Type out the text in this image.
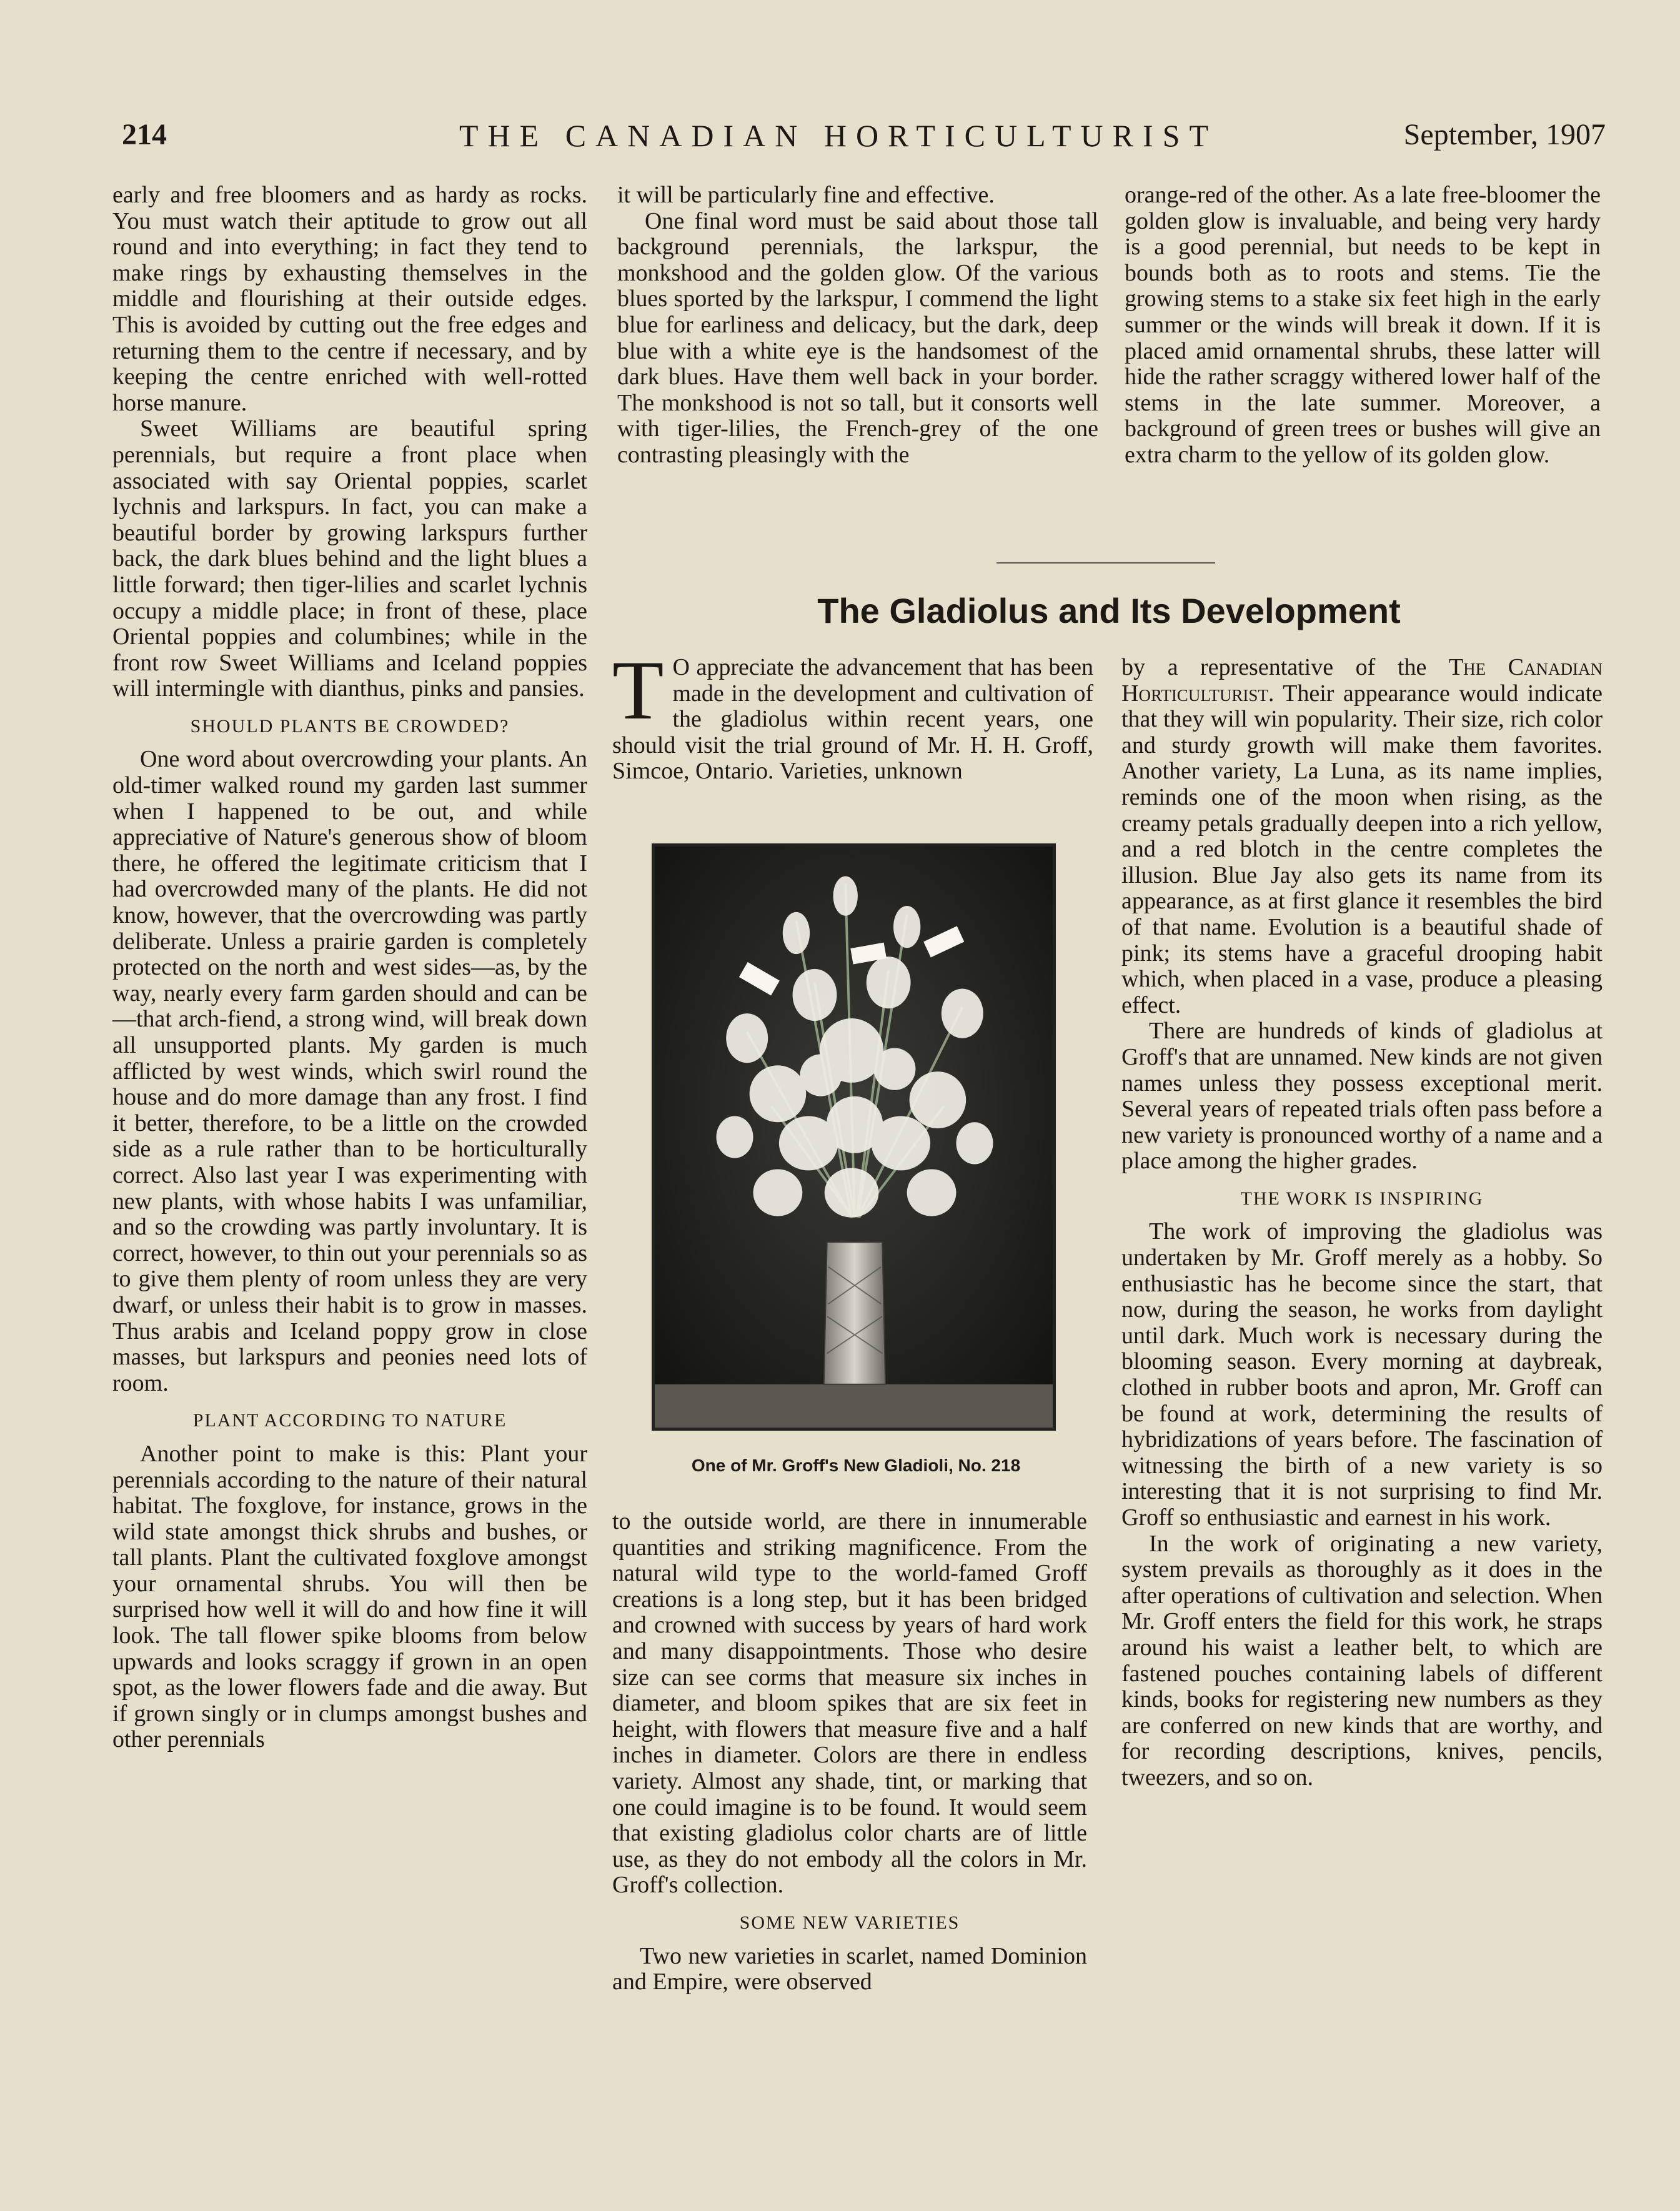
214	THE CANADIAN HORTICULTURIST	September, 1907

early and free bloomers and as hardy as rocks. You must watch their aptitude to grow out all round and into everything; in fact they tend to make rings by exhausting themselves in the middle and flourishing at their outside edges. This is avoided by cutting out the free edges and returning them to the centre if necessary, and by keeping the centre enriched with well-rotted horse manure.

Sweet Williams are beautiful spring perennials, but require a front place when associated with say Oriental poppies, scarlet lychnis and larkspurs. In fact, you can make a beautiful border by growing larkspurs further back, the dark blues behind and the light blues a little forward; then tiger-lilies and scarlet lychnis occupy a middle place; in front of these, place Oriental poppies and columbines; while in the front row Sweet Williams and Iceland poppies will intermingle with dianthus, pinks and pansies.

SHOULD PLANTS BE CROWDED?

One word about overcrowding your plants. An old-timer walked round my garden last summer when I happened to be out, and while appreciative of Nature's generous show of bloom there, he offered the legitimate criticism that I had overcrowded many of the plants. He did not know, however, that the overcrowding was partly deliberate. Unless a prairie garden is completely protected on the north and west sides—as, by the way, nearly every farm garden should and can be—that arch-fiend, a strong wind, will break down all unsupported plants. My garden is much afflicted by west winds, which swirl round the house and do more damage than any frost. I find it better, therefore, to be a little on the crowded side as a rule rather than to be horticulturally correct. Also last year I was experimenting with new plants, with whose habits I was unfamiliar, and so the crowding was partly involuntary. It is correct, however, to thin out your perennials so as to give them plenty of room unless they are very dwarf, or unless their habit is to grow in masses. Thus arabis and Iceland poppy grow in close masses, but larkspurs and peonies need lots of room.

PLANT ACCORDING TO NATURE

Another point to make is this: Plant your perennials according to the nature of their natural habitat. The foxglove, for instance, grows in the wild state amongst thick shrubs and bushes, or tall plants. Plant the cultivated foxglove amongst your ornamental shrubs. You will then be surprised how well it will do and how fine it will look. The tall flower spike blooms from below upwards and looks scraggy if grown in an open spot, as the lower flowers fade and die away. But if grown singly or in clumps amongst bushes and other perennials

it will be particularly fine and effective.

One final word must be said about those tall background perennials, the larkspur, the monkshood and the golden glow. Of the various blues sported by the larkspur, I commend the light blue for earliness and delicacy, but the dark, deep blue with a white eye is the handsomest of the dark blues. Have them well back in your border. The monkshood is not so tall, but it consorts well with tiger-lilies, the French-grey of the one contrasting pleasingly with the

orange-red of the other. As a late free-bloomer the golden glow is invaluable, and being very hardy is a good perennial, but needs to be kept in bounds both as to roots and stems. Tie the growing stems to a stake six feet high in the early summer or the winds will break it down. If it is placed amid ornamental shrubs, these latter will hide the rather scraggy withered lower half of the stems in the late summer. Moreover, a background of green trees or bushes will give an extra charm to the yellow of its golden glow.

The Gladiolus and Its Development

T O appreciate the advancement that has been made in the development and cultivation of the gladiolus within recent years, one should visit the trial ground of Mr. H. H. Groff, Simcoe, Ontario. Varieties, unknown

One of Mr. Groff's New Gladioli, No. 218

to the outside world, are there in innumerable quantities and striking magnificence. From the natural wild type to the world-famed Groff creations is a long step, but it has been bridged and crowned with success by years of hard work and many disappointments. Those who desire size can see corms that measure six inches in diameter, and bloom spikes that are six feet in height, with flowers that measure five and a half inches in diameter. Colors are there in endless variety. Almost any shade, tint, or marking that one could imagine is to be found. It would seem that existing gladiolus color charts are of little use, as they do not embody all the colors in Mr. Groff's collection.

SOME NEW VARIETIES

Two new varieties in scarlet, named Dominion and Empire, were observed

by a representative of the The Canadian Horticulturist. Their appearance would indicate that they will win popularity. Their size, rich color and sturdy growth will make them favorites. Another variety, La Luna, as its name implies, reminds one of the moon when rising, as the creamy petals gradually deepen into a rich yellow, and a red blotch in the centre completes the illusion. Blue Jay also gets its name from its appearance, as at first glance it resembles the bird of that name. Evolution is a beautiful shade of pink; its stems have a graceful drooping habit which, when placed in a vase, produce a pleasing effect.

There are hundreds of kinds of gladiolus at Groff's that are unnamed. New kinds are not given names unless they possess exceptional merit. Several years of repeated trials often pass before a new variety is pronounced worthy of a name and a place among the higher grades.

THE WORK IS INSPIRING

The work of improving the gladiolus was undertaken by Mr. Groff merely as a hobby. So enthusiastic has he become since the start, that now, during the season, he works from daylight until dark. Much work is necessary during the blooming season. Every morning at daybreak, clothed in rubber boots and apron, Mr. Groff can be found at work, determining the results of hybridizations of years before. The fascination of witnessing the birth of a new variety is so interesting that it is not surprising to find Mr. Groff so enthusiastic and earnest in his work.

In the work of originating a new variety, system prevails as thoroughly as it does in the after operations of cultivation and selection. When Mr. Groff enters the field for this work, he straps around his waist a leather belt, to which are fastened pouches containing labels of different kinds, books for registering new numbers as they are conferred on new kinds that are worthy, and for recording descriptions, knives, pencils, tweezers, and so on.
